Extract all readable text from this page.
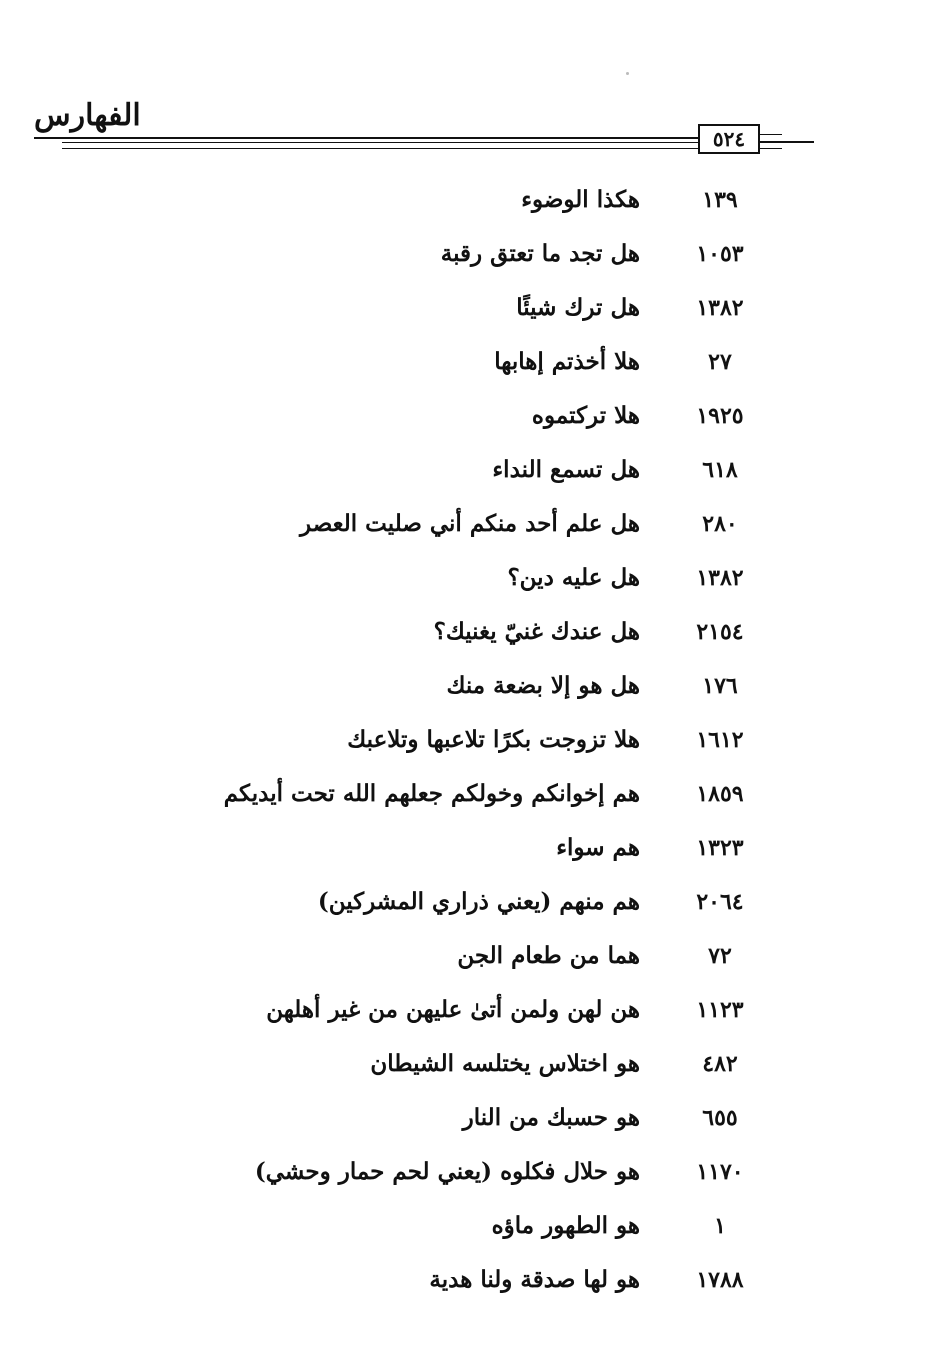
الفهارس
٥٢٤
١٣٩
هكذا الوضوء
١٠٥٣
هل تجد ما تعتق رقبة
١٣٨٢
هل ترك شيئًا
٢٧
هلا أخذتم إهابها
١٩٢٥
هلا تركتموه
٦١٨
هل تسمع النداء
٢٨٠
هل علم أحد منكم أني صليت العصر
١٣٨٢
هل عليه دين؟
٢١٥٤
هل عندك غنيّ يغنيك؟
١٧٦
هل هو إلا بضعة منك
١٦١٢
هلا تزوجت بكرًا تلاعبها وتلاعبك
١٨٥٩
هم إخوانكم وخولكم جعلهم الله تحت أيديكم
١٣٢٣
هم سواء
٢٠٦٤
هم منهم (يعني ذراري المشركين)
٧٢
هما من طعام الجن
١١٢٣
هن لهن ولمن أتىٰ عليهن من غير أهلهن
٤٨٢
هو اختلاس يختلسه الشيطان
٦٥٥
هو حسبك من النار
١١٧٠
هو حلال فكلوه (يعني لحم حمار وحشي)
١
هو الطهور ماؤه
١٧٨٨
هو لها صدقة ولنا هدية
